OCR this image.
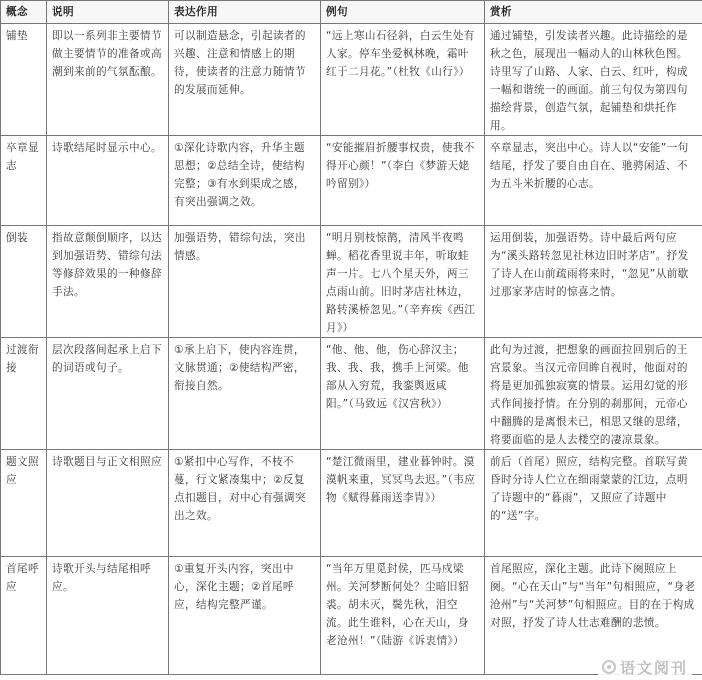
概念	说明	表达作用	例句	赏析
铺垫	即以一系列非主要情节做主要情节的准备或高潮到来前的气氛酝酿。	可以制造悬念，引起读者的兴趣、注意和情感上的期待，使读者的注意力随情节的发展而延伸。	“远上寒山石径斜，白云生处有人家。停车坐爱枫林晚，霜叶红于二月花。”（杜牧《山行》）	通过铺垫，引发读者兴趣。此诗描绘的是秋之色，展现出一幅动人的山林秋色图。诗里写了山路、人家、白云、红叶，构成一幅和谐统一的画面。前三句仅为第四句描绘背景，创造气氛，起铺垫和烘托作用。
卒章显志	诗歌结尾时显示中心。	①深化诗歌内容，升华主题思想；②总结全诗，使结构完整；③有水到渠成之感，有突出强调之效。	“安能摧眉折腰事权贵，使我不得开心颜！”（李白《梦游天姥吟留别》）	卒章显志，突出中心。诗人以“安能”一句结尾，抒发了要自由自在、驰骋闲适、不为五斗米折腰的心志。
倒装	指故意颠倒顺序，以达到加强语势、错综句法等修辞效果的一种修辞手法。	加强语势，错综句法，突出情感。	“明月别枝惊鹊，清风半夜鸣蝉。稻花香里说丰年，听取蛙声一片。七八个星天外，两三点雨山前。旧时茅店社林边，路转溪桥忽见。”（辛弃疾《西江月》）	运用倒装，加强语势。诗中最后两句应为“溪头路转忽见社林边旧时茅店”。抒发了诗人在山前疏雨将来时，“忽见”从前歇过那家茅店时的惊喜之情。
过渡衔接	层次段落间起承上启下的词语或句子。	①承上启下，使内容连贯，文脉贯通；②使结构严密，衔接自然。	“他、他、他，伤心辞汉主；我、我、我，携手上河梁。他部从入穷荒，我銮舆返咸阳。”（马致远《汉宫秋》）	此句为过渡，把想象的画面拉回别后的王宫景象。当汉元帝回眸自视时，他面对的将是更加孤独寂寞的情景。运用幻觉的形式作间接抒情。在分别的刹那间，元帝心中翻腾的是离恨未已，相思又继的思绪，将要面临的是人去楼空的凄凉景象。
题文照应	诗歌题目与正文相照应	①紧扣中心写作，不枝不蔓，行文紧凑集中；②反复点扣题目，对中心有强调突出之效。	“楚江微雨里，建业暮钟时。漠漠帆来重，冥冥鸟去迟。”（韦应物《赋得暮雨送李胄》）	前后（首尾）照应，结构完整。首联写黄昏时分诗人伫立在细雨蒙蒙的江边，点明了诗题中的“暮雨”，又照应了诗题中的“送”字。
首尾呼应	诗歌开头与结尾相呼应。	①重复开头内容，突出中心，深化主题；②首尾呼应，结构完整严谨。	“当年万里觅封侯，匹马戍梁州。关河梦断何处？尘暗旧貂裘。胡未灭，鬓先秋，泪空流。此生谁料，心在天山，身老沧州！”（陆游《诉衷情》）	首尾照应，深化主题。此诗下阕照应上阕。“心在天山”与“当年”句相照应，“身老沧州”与“关河梦”句相照应。目的在于构成对照，抒发了诗人壮志难酬的悲愤。
语文阅刊
